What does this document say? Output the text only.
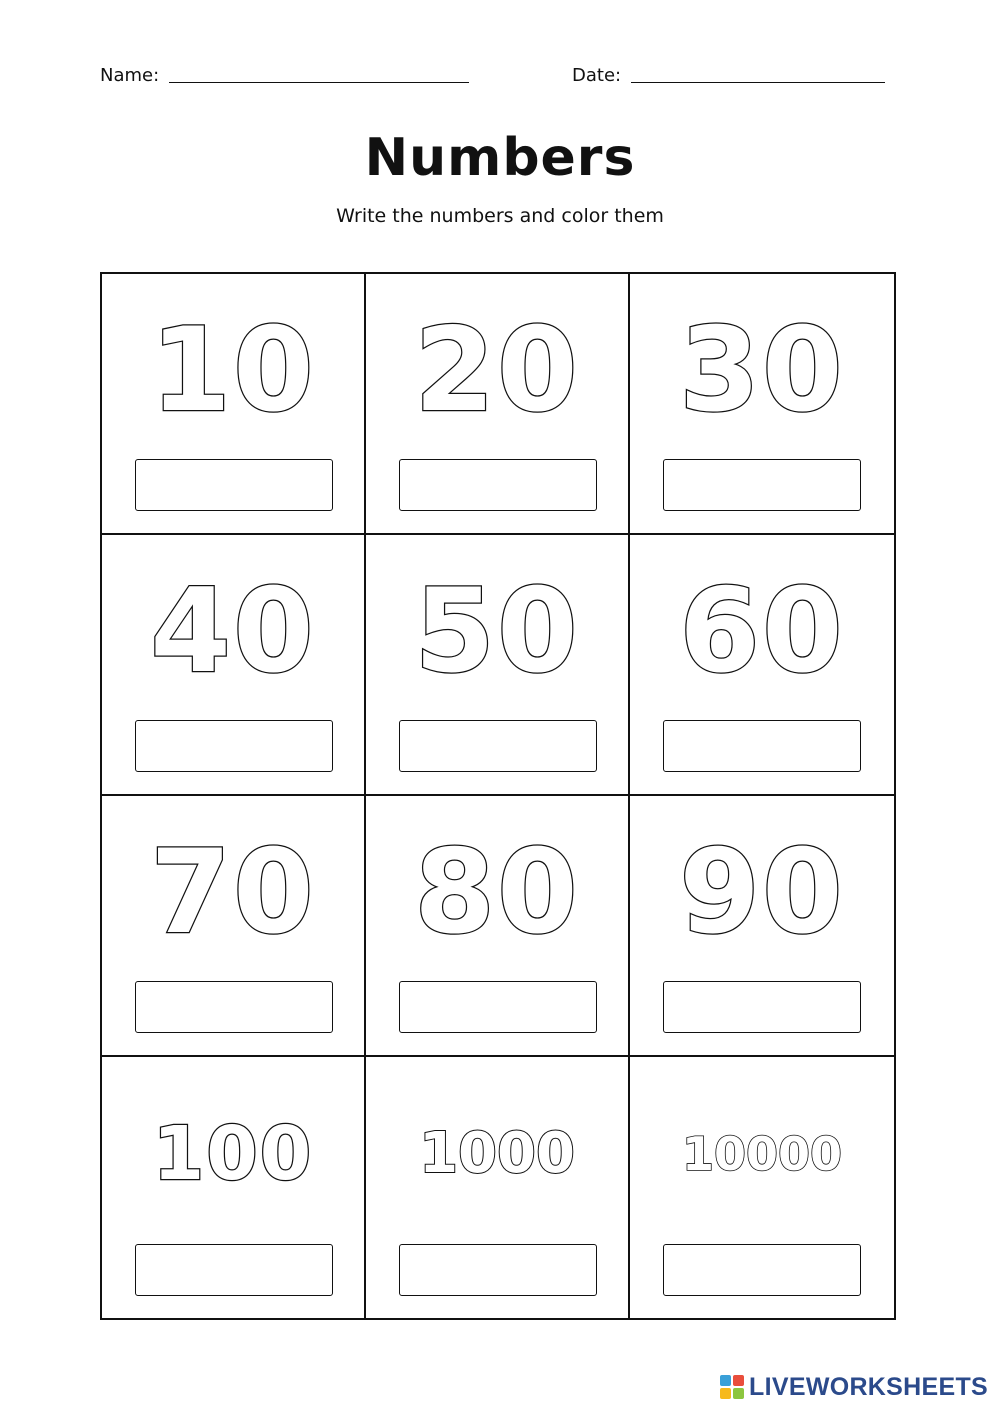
Name:	Date:
Numbers
Write the numbers and color them
10 20 30
40 50 60
70 80 90
100	1000	10000
LIVEWORKSHEETS
